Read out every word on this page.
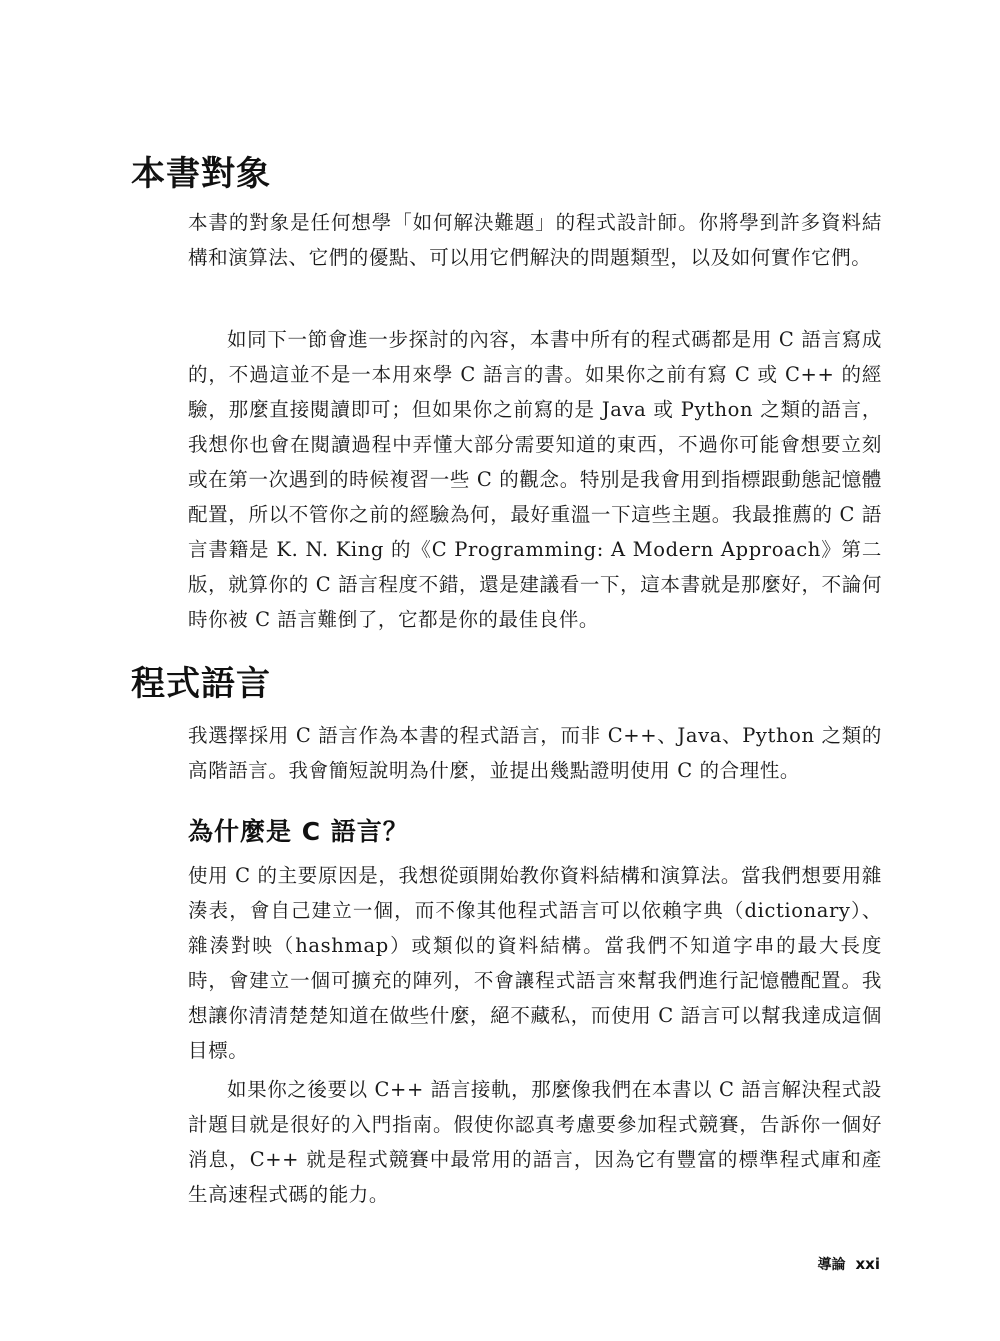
本書對象

本書的對象是任何想學「如何解決難題」的程式設計師。你將學到許多資料結構和演算法、它們的優點、可以用它們解決的問題類型，以及如何實作它們。

如同下一節會進一步探討的內容，本書中所有的程式碼都是用 C 語言寫成的，不過這並不是一本用來學 C 語言的書。如果你之前有寫 C 或 C++ 的經驗，那麼直接閱讀即可；但如果你之前寫的是 Java 或 Python 之類的語言，我想你也會在閱讀過程中弄懂大部分需要知道的東西，不過你可能會想要立刻或在第一次遇到的時候複習一些 C 的觀念。特別是我會用到指標跟動態記憶體配置，所以不管你之前的經驗為何，最好重溫一下這些主題。我最推薦的 C 語言書籍是 K. N. King 的《C Programming: A Modern Approach》第二版，就算你的 C 語言程度不錯，還是建議看一下，這本書就是那麼好，不論何時你被 C 語言難倒了，它都是你的最佳良伴。

程式語言

我選擇採用 C 語言作為本書的程式語言，而非 C++、Java、Python 之類的高階語言。我會簡短說明為什麼，並提出幾點證明使用 C 的合理性。

為什麼是 C 語言？

使用 C 的主要原因是，我想從頭開始教你資料結構和演算法。當我們想要用雜湊表，會自己建立一個，而不像其他程式語言可以依賴字典（dictionary）、雜湊對映（hashmap）或類似的資料結構。當我們不知道字串的最大長度時，會建立一個可擴充的陣列，不會讓程式語言來幫我們進行記憶體配置。我想讓你清清楚楚知道在做些什麼，絕不藏私，而使用 C 語言可以幫我達成這個目標。

如果你之後要以 C++ 語言接軌，那麼像我們在本書以 C 語言解決程式設計題目就是很好的入門指南。假使你認真考慮要參加程式競賽，告訴你一個好消息，C++ 就是程式競賽中最常用的語言，因為它有豐富的標準程式庫和產生高速程式碼的能力。

導論 xxi
